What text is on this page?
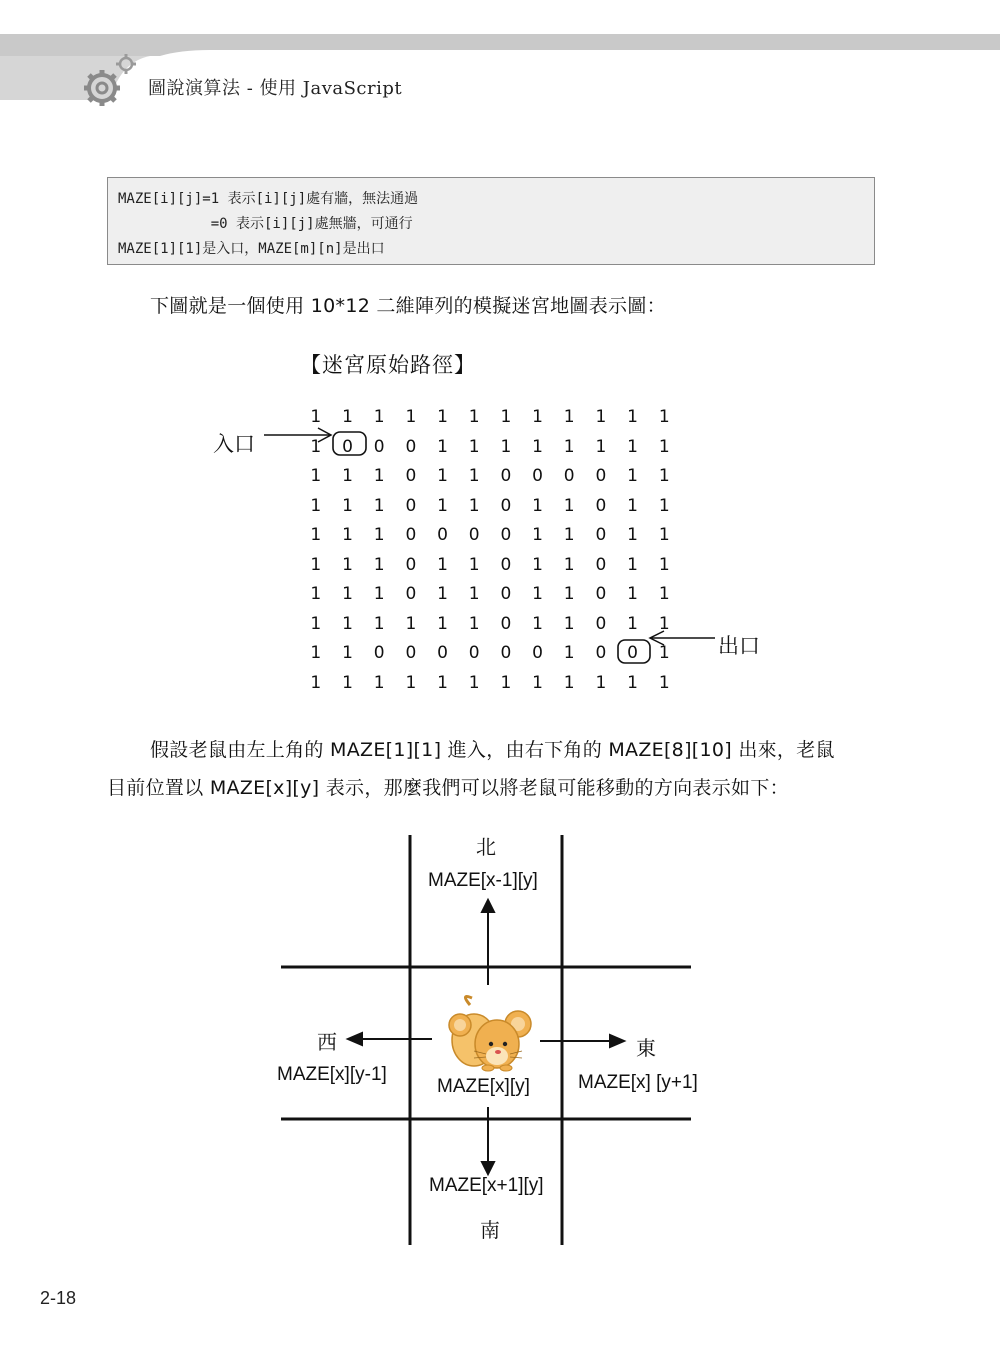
圖說演算法 - 使用 JavaScript
MAZE[i][j]=1 表示[i][j]處有牆，無法通過
=0 表示[i][j]處無牆，可通行
MAZE[1][1]是入口，MAZE[m][n]是出口
下圖就是一個使用 10*12 二維陣列的模擬迷宮地圖表示圖：
【迷宮原始路徑】
1	1	1	1	1	1	1	1	1	1	1	1
1	0	0	0	1	1	1	1	1	1	1	1
1	1	1	0	1	1	0	0	0	0	1	1
1	1	1	0	1	1	0	1	1	0	1	1
1	1	1	0	0	0	0	1	1	0	1	1
1	1	1	0	1	1	0	1	1	0	1	1
1	1	1	0	1	1	0	1	1	0	1	1
1	1	1	1	1	1	0	1	1	0	1	1
1	1	0	0	0	0	0	0	1	0	0	1
1	1	1	1	1	1	1	1	1	1	1	1
入口
出口
假設老鼠由左上角的 MAZE[1][1] 進入，由右下角的 MAZE[8][10] 出來，老鼠
目前位置以 MAZE[x][y] 表示，那麼我們可以將老鼠可能移動的方向表示如下：
北
MAZE[x-1][y]
西
MAZE[x][y-1]
東
MAZE[x] [y+1]
MAZE[x][y]
MAZE[x+1][y]
南
2-18
